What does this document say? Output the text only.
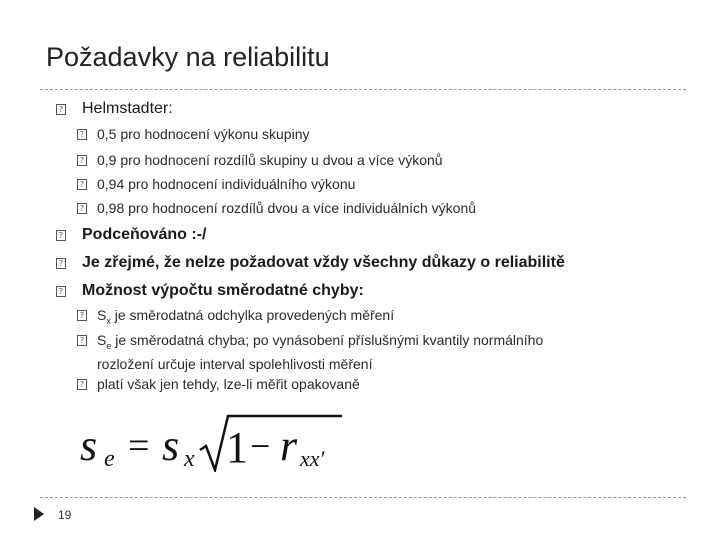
Požadavky na reliabilitu
?
Helmstadter:
?
0,5 pro hodnocení výkonu skupiny
?
0,9 pro hodnocení rozdílů skupiny u dvou a více výkonů
?
0,94 pro hodnocení individuálního výkonu
?
0,98 pro hodnocení rozdílů dvou a více individuálních výkonů
?
Podceňováno :-/
?
Je zřejmé, že nelze požadovat vždy všechny důkazy o reliabilitě
?
Možnost výpočtu směrodatné chyby:
?
$S_x$ je směrodatná odchylka provedených měření
?
$S_e$ je směrodatná chyba; po vynásobení příslušnými kvantily normálního
rozložení určuje interval spolehlivosti měření
?
platí však jen tehdy, lze-li měřit opakovaně
s e = s x 1 − r xx'
19
